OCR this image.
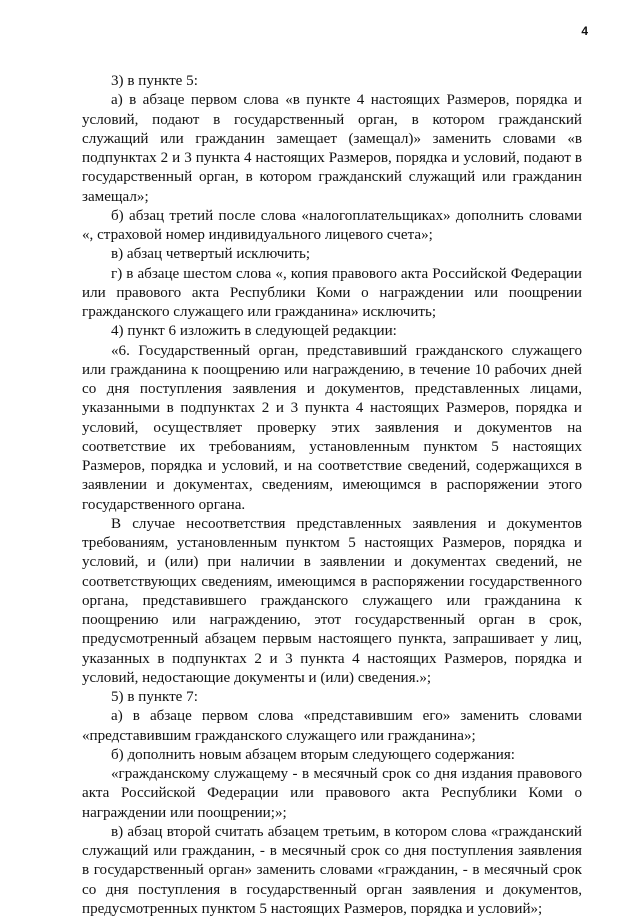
4

3) в пункте 5:

а) в абзаце первом слова «в пункте 4 настоящих Размеров, порядка и условий, подают в государственный орган, в котором гражданский служащий или гражданин замещает (замещал)» заменить словами «в подпунктах 2 и 3 пункта 4 настоящих Размеров, порядка и условий, подают в государственный орган, в котором гражданский служащий или гражданин замещал»;

б) абзац третий после слова «налогоплательщиках» дополнить словами «, страховой номер индивидуального лицевого счета»;

в) абзац четвертый исключить;

г) в абзаце шестом слова «, копия правового акта Российской Федерации или правового акта Республики Коми о награждении или поощрении гражданского служащего или гражданина» исключить;

4) пункт 6 изложить в следующей редакции:

«6. Государственный орган, представивший гражданского служащего или гражданина к поощрению или награждению, в течение 10 рабочих дней со дня поступления заявления и документов, представленных лицами, указанными в подпунктах 2 и 3 пункта 4 настоящих Размеров, порядка и условий, осуществляет проверку этих заявления и документов на соответствие их требованиям, установленным пунктом 5 настоящих Размеров, порядка и условий, и на соответствие сведений, содержащихся в заявлении и документах, сведениям, имеющимся в распоряжении этого государственного органа.

В случае несоответствия представленных заявления и документов требованиям, установленным пунктом 5 настоящих Размеров, порядка и условий, и (или) при наличии в заявлении и документах сведений, не соответствующих сведениям, имеющимся в распоряжении государственного органа, представившего гражданского служащего или гражданина к поощрению или награждению, этот государственный орган в срок, предусмотренный абзацем первым настоящего пункта, запрашивает у лиц, указанных в подпунктах 2 и 3 пункта 4 настоящих Размеров, порядка и условий, недостающие документы и (или) сведения.»;

5) в пункте 7:

а) в абзаце первом слова «представившим его» заменить словами «представившим гражданского служащего или гражданина»;

б) дополнить новым абзацем вторым следующего содержания:

«гражданскому служащему - в месячный срок со дня издания правового акта Российской Федерации или правового акта Республики Коми о награждении или поощрении;»;

в) абзац второй считать абзацем третьим, в котором слова «гражданский служащий или гражданин, - в месячный срок со дня поступления заявления в государственный орган» заменить словами «гражданин, - в месячный срок со дня поступления в государственный орган заявления и документов, предусмотренных пунктом 5 настоящих Размеров, порядка и условий»;
